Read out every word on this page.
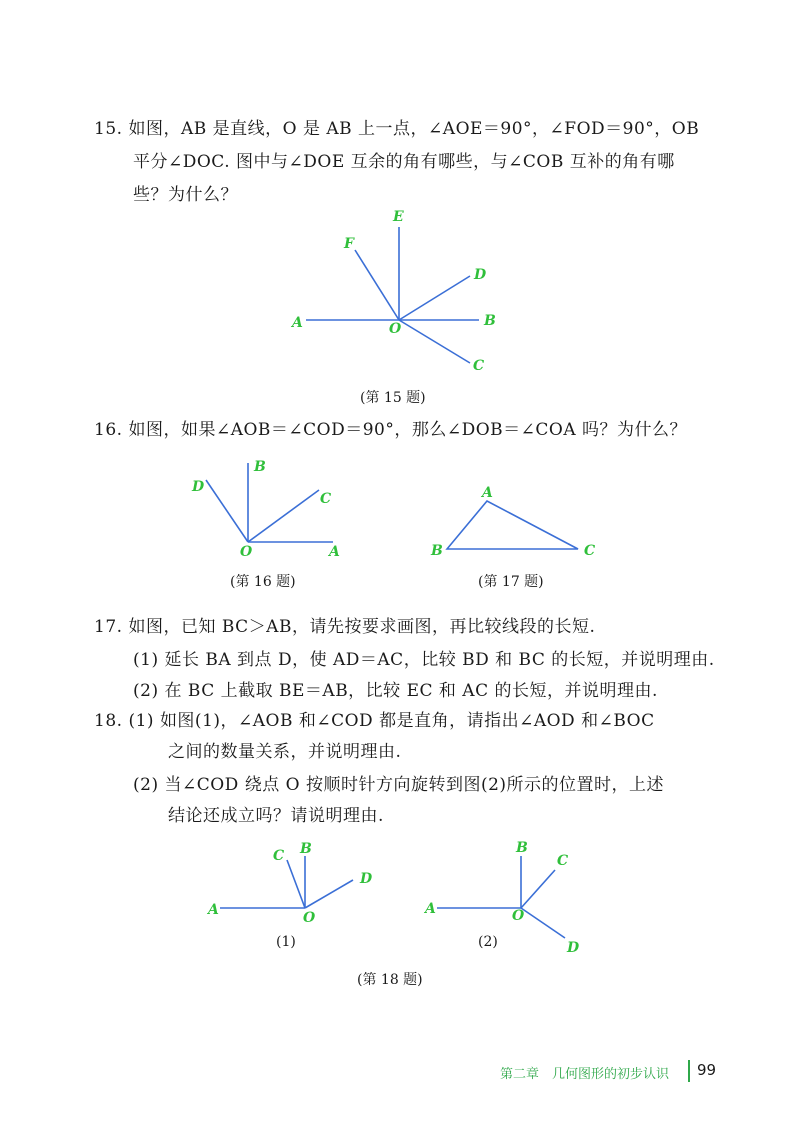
15. 如图，AB 是直线，O 是 AB 上一点，∠AOE＝90°，∠FOD＝90°，OB
平分∠DOC. 图中与∠DOE 互余的角有哪些，与∠COB 互补的角有哪
些？为什么？
A	B
C
D
E
F
O
(第 15 题)
16. 如图，如果∠AOB＝∠COD＝90°，那么∠DOB＝∠COA 吗？为什么？
O	A
B
C
D
(第 16 题)
A
B	C
(第 17 题)
17. 如图，已知 BC＞AB，请先按要求画图，再比较线段的长短.
(1) 延长 BA 到点 D，使 AD＝AC，比较 BD 和 BC 的长短，并说明理由.
(2) 在 BC 上截取 BE＝AB，比较 EC 和 AC 的长短，并说明理由.
18. (1) 如图(1)，∠AOB 和∠COD 都是直角，请指出∠AOD 和∠BOC
之间的数量关系，并说明理由.
(2) 当∠COD 绕点 O 按顺时针方向旋转到图(2)所示的位置时，上述
结论还成立吗？请说明理由.
A
B
C
D
O
(1)
A
B
C
D
O
(2)
(第 18 题)
第二章　几何图形的初步认识 99
